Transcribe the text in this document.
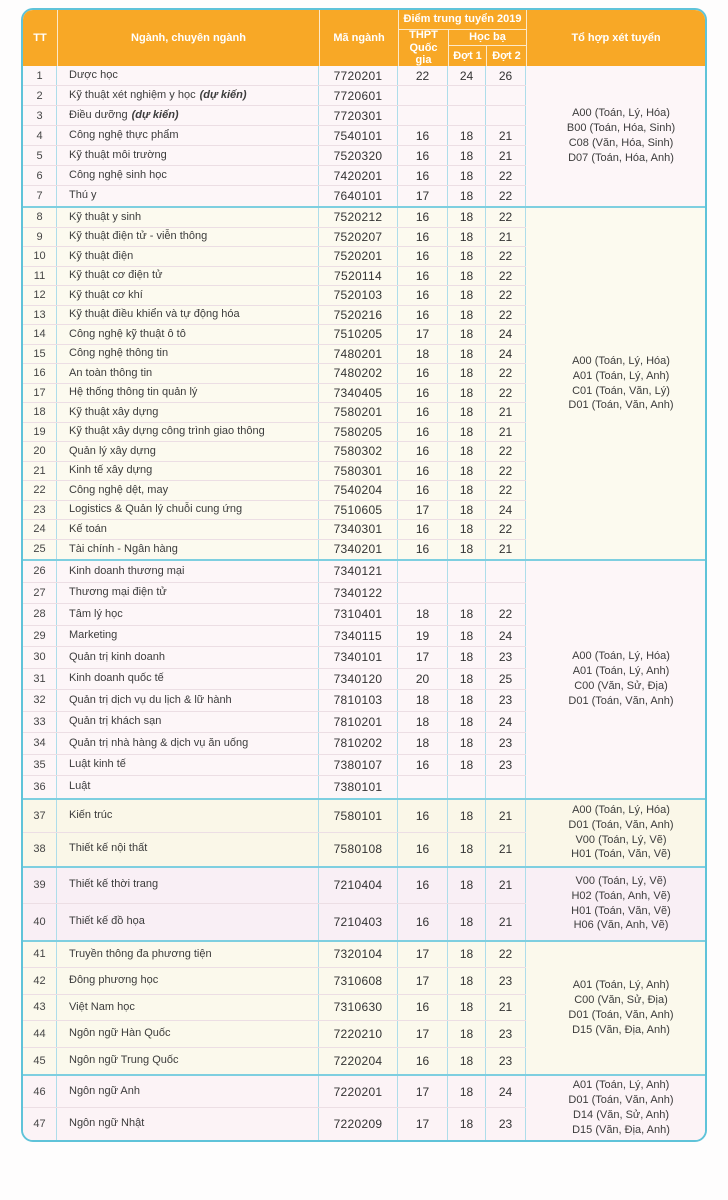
TT	Ngành, chuyên ngành	Mã ngành
Điểm trung tuyển 2019
THPT Quốc gia
Học bạ
Đợt 1 Đợt 2
Tổ hợp xét tuyển
1	Dược học	7720201	22	24	26
2	Kỹ thuật xét nghiệm y học (dự kiến)	7720601
3	Điều dưỡng (dự kiến)	7720301
4	Công nghệ thực phẩm	7540101	16	18	21
5	Kỹ thuật môi trường	7520320	16	18	21
6	Công nghệ sinh học	7420201	16	18	22
7	Thú y	7640101	17	18	22
A00 (Toán, Lý, Hóa)
B00 (Toán, Hóa, Sinh)
C08 (Văn, Hóa, Sinh)
D07 (Toán, Hóa, Anh)
8	Kỹ thuật y sinh	7520212	16	18	22
9	Kỹ thuật điện tử - viễn thông	7520207	16	18	21
10	Kỹ thuật điện	7520201	16	18	22
11	Kỹ thuật cơ điện tử	7520114	16	18	22
12	Kỹ thuật cơ khí	7520103	16	18	22
13	Kỹ thuật điều khiển và tự động hóa	7520216	16	18	22
14	Công nghệ kỹ thuật ô tô	7510205	17	18	24
15	Công nghệ thông tin	7480201	18	18	24
16	An toàn thông tin	7480202	16	18	22
17	Hệ thống thông tin quản lý	7340405	16	18	22
18	Kỹ thuật xây dựng	7580201	16	18	21
19	Kỹ thuật xây dựng công trình giao thông	7580205	16	18	21
20	Quản lý xây dựng	7580302	16	18	22
21	Kinh tế xây dựng	7580301	16	18	22
22	Công nghệ dệt, may	7540204	16	18	22
23	Logistics & Quản lý chuỗi cung ứng	7510605	17	18	24
24	Kế toán	7340301	16	18	22
25	Tài chính - Ngân hàng	7340201	16	18	21
A00 (Toán, Lý, Hóa)
A01 (Toán, Lý, Anh)
C01 (Toán, Văn, Lý)
D01 (Toán, Văn, Anh)
26	Kinh doanh thương mại	7340121
27	Thương mại điện tử	7340122
28	Tâm lý học	7310401	18	18	22
29	Marketing	7340115	19	18	24
30	Quản trị kinh doanh	7340101	17	18	23
31	Kinh doanh quốc tế	7340120	20	18	25
32	Quản trị dịch vụ du lịch & lữ hành	7810103	18	18	23
33	Quản trị khách sạn	7810201	18	18	24
34	Quản trị nhà hàng & dịch vụ ăn uống	7810202	18	18	23
35	Luật kinh tế	7380107	16	18	23
36	Luật	7380101
A00 (Toán, Lý, Hóa)
A01 (Toán, Lý, Anh)
C00 (Văn, Sử, Địa)
D01 (Toán, Văn, Anh)
37	Kiến trúc	7580101	16	18	21
38	Thiết kế nội thất	7580108	16	18	21
A00 (Toán, Lý, Hóa)
D01 (Toán, Văn, Anh)
V00 (Toán, Lý, Vẽ)
H01 (Toán, Văn, Vẽ)
39	Thiết kế thời trang	7210404	16	18	21
40	Thiết kế đồ họa	7210403	16	18	21
V00 (Toán, Lý, Vẽ)
H02 (Toán, Anh, Vẽ)
H01 (Toán, Văn, Vẽ)
H06 (Văn, Anh, Vẽ)
41	Truyền thông đa phương tiện	7320104	17	18	22
42	Đông phương học	7310608	17	18	23
43	Việt Nam học	7310630	16	18	21
44	Ngôn ngữ Hàn Quốc	7220210	17	18	23
45	Ngôn ngữ Trung Quốc	7220204	16	18	23
A01 (Toán, Lý, Anh)
C00 (Văn, Sử, Địa)
D01 (Toán, Văn, Anh)
D15 (Văn, Địa, Anh)
46	Ngôn ngữ Anh	7220201	17	18	24
47	Ngôn ngữ Nhật	7220209	17	18	23
A01 (Toán, Lý, Anh)
D01 (Toán, Văn, Anh)
D14 (Văn, Sử, Anh)
D15 (Văn, Địa, Anh)
